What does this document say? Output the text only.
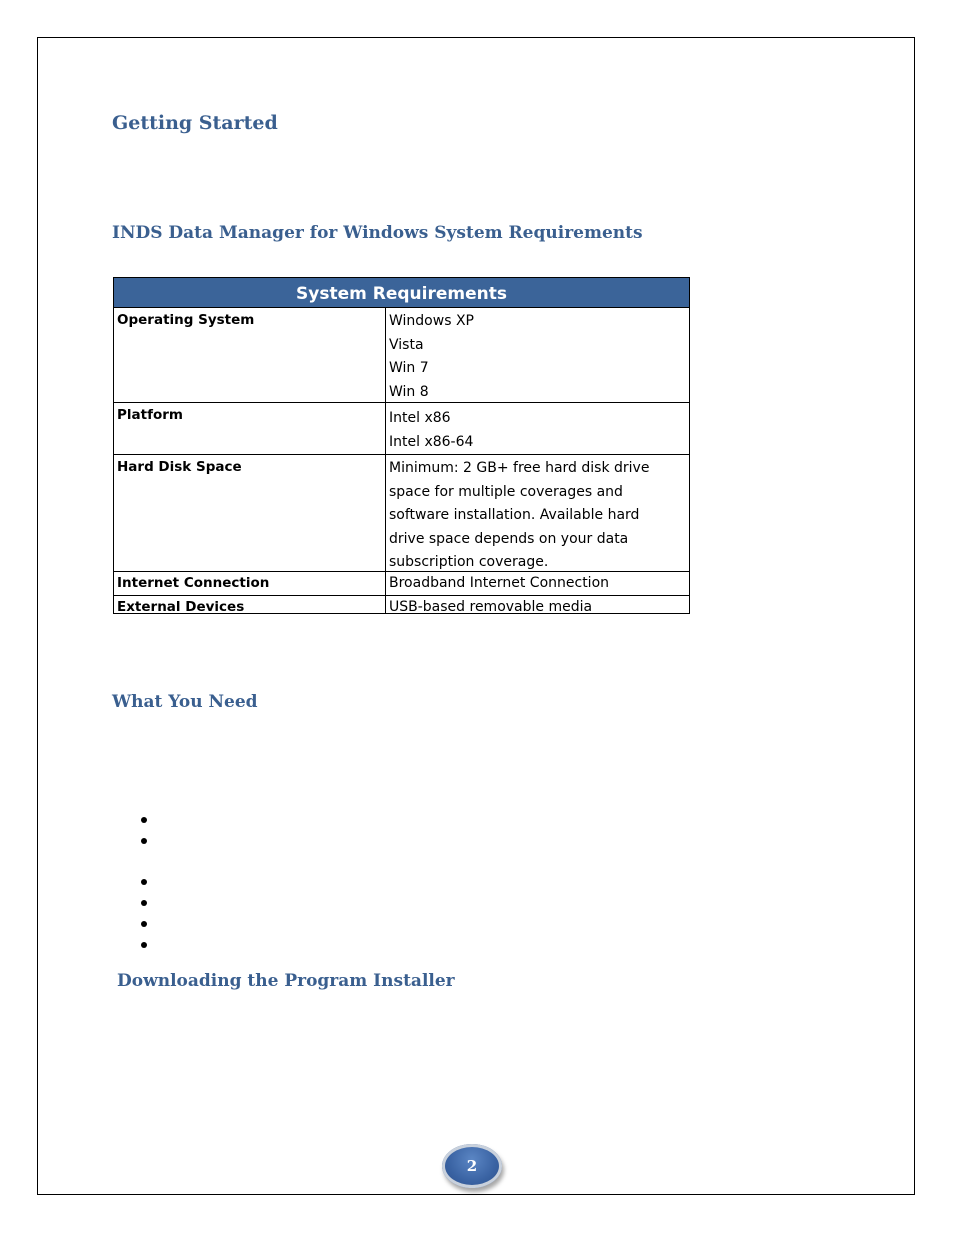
Getting Started
INDS Data Manager for Windows System Requirements
System Requirements
Operating System	Windows XP
Vista
Win 7
Win 8
Platform	Intel x86
Intel x86-64
Hard Disk Space	Minimum: 2 GB+ free hard disk drive
space for multiple coverages and
software installation. Available hard
drive space depends on your data
subscription coverage.
Internet Connection	Broadband Internet Connection
External Devices	USB-based removable media
What You Need
Downloading the Program Installer
2
